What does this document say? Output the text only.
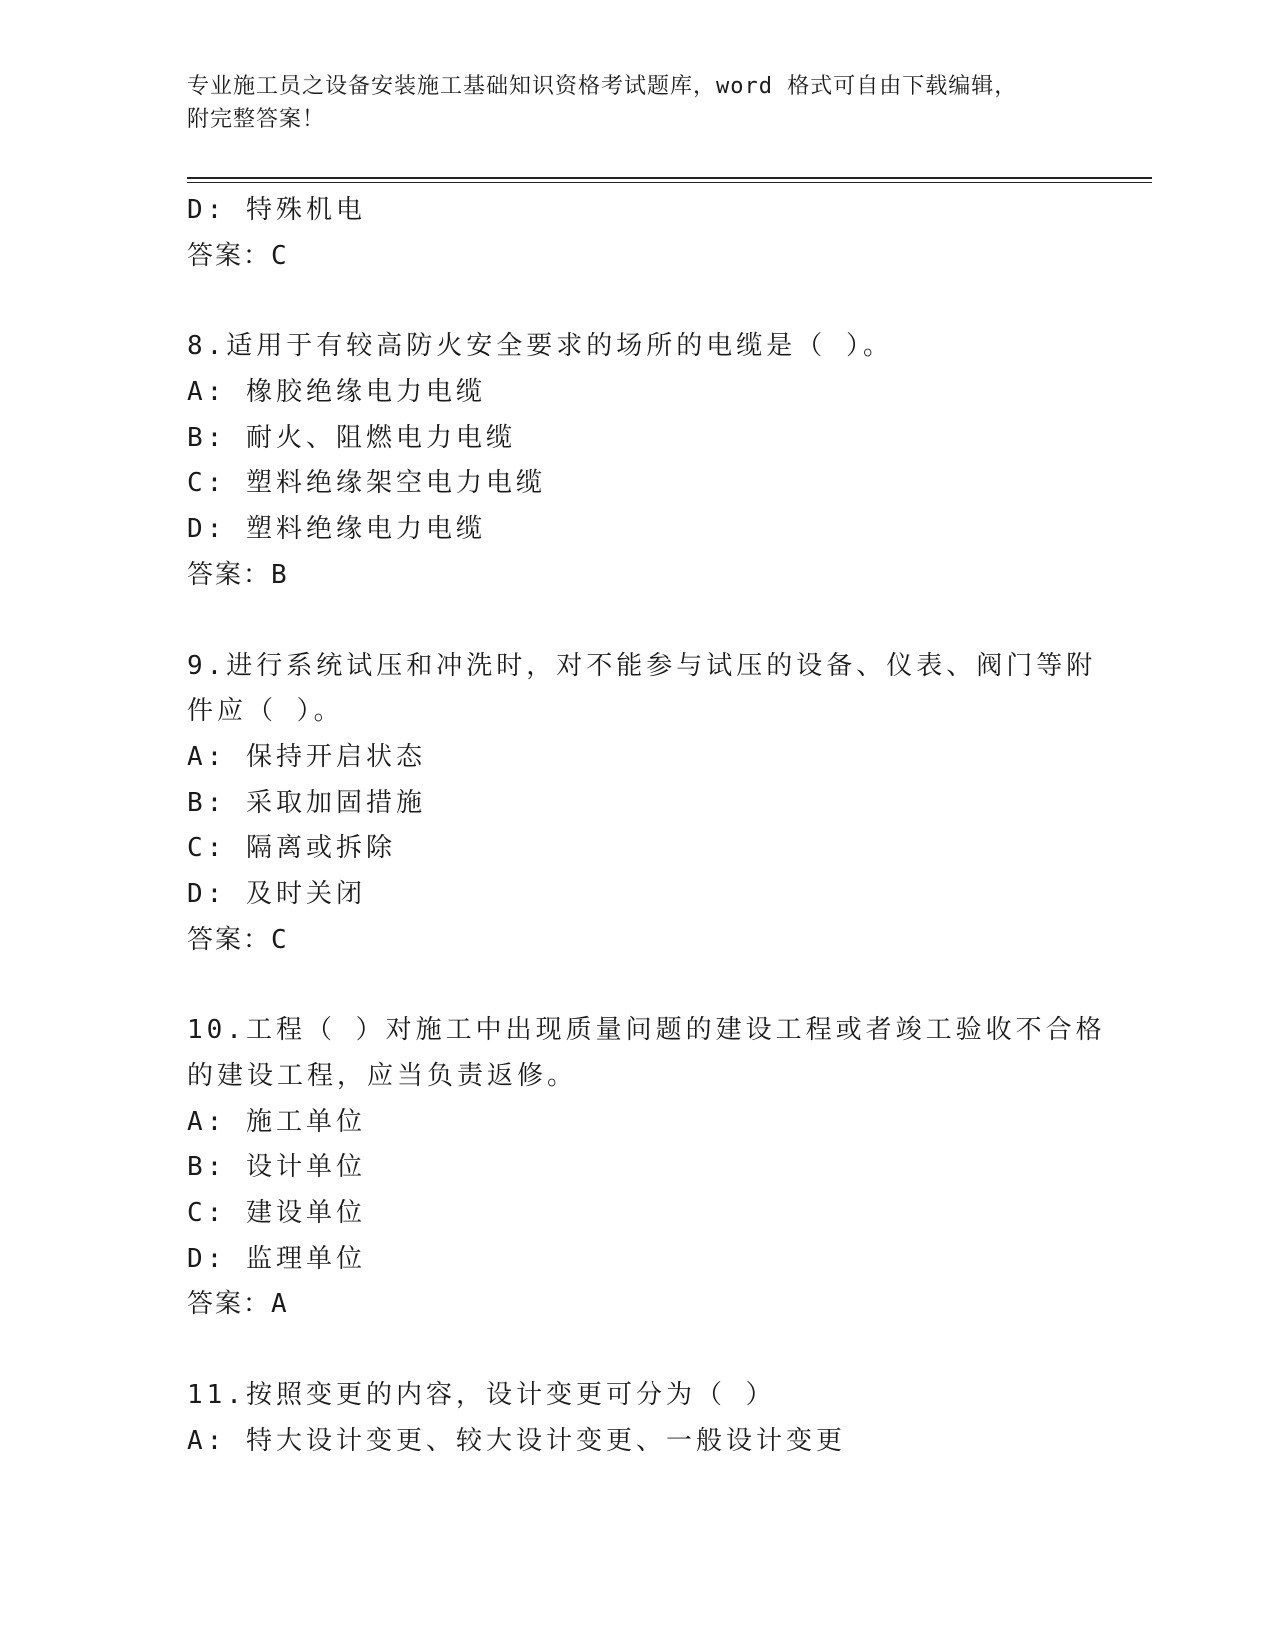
专业施工员之设备安装施工基础知识资格考试题库，word 格式可自由下载编辑，
附完整答案！
D: 特殊机电
答案：C
8.适用于有较高防火安全要求的场所的电缆是（ ）。
A: 橡胶绝缘电力电缆
B: 耐火、阻燃电力电缆
C: 塑料绝缘架空电力电缆
D: 塑料绝缘电力电缆
答案：B
9.进行系统试压和冲洗时，对不能参与试压的设备、仪表、阀门等附
件应（ ）。
A: 保持开启状态
B: 采取加固措施
C: 隔离或拆除
D: 及时关闭
答案：C
10.工程（ ）对施工中出现质量问题的建设工程或者竣工验收不合格
的建设工程，应当负责返修。
A: 施工单位
B: 设计单位
C: 建设单位
D: 监理单位
答案：A
11.按照变更的内容，设计变更可分为（ ）
A: 特大设计变更、较大设计变更、一般设计变更
